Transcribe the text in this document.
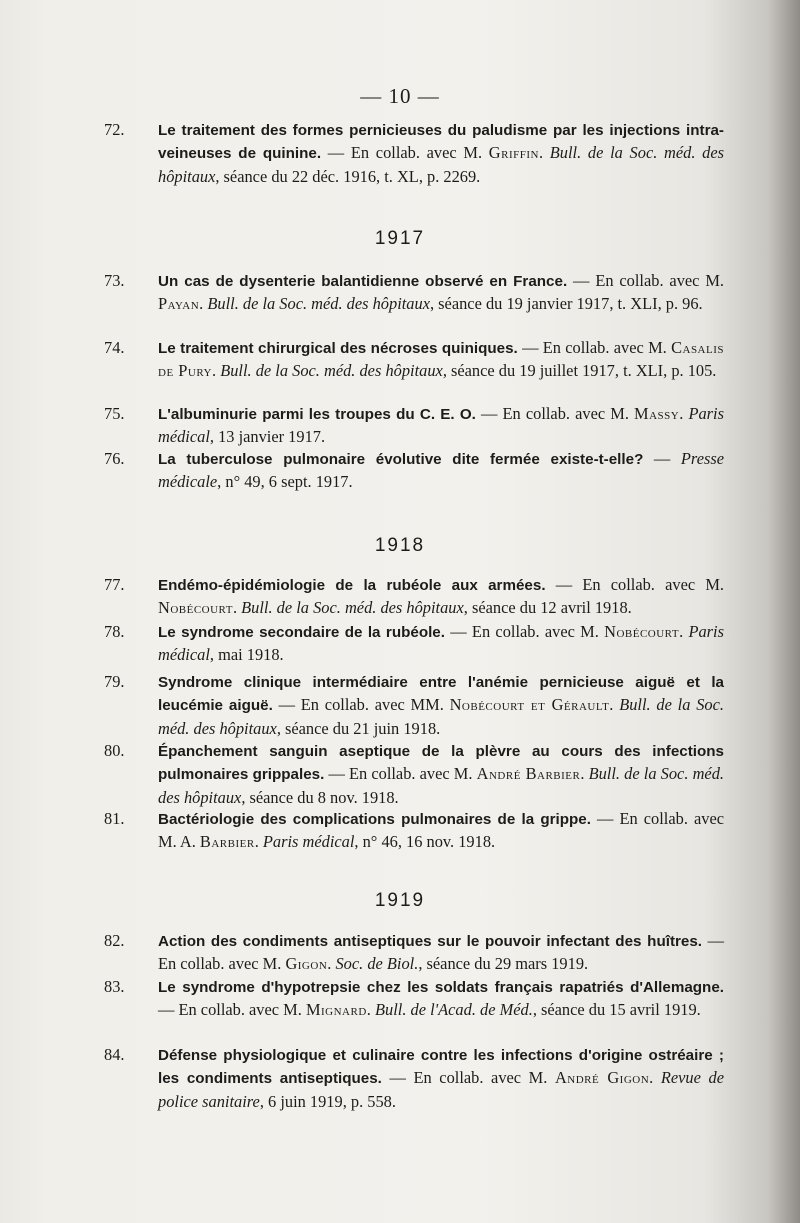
— 10 —
72.	Le traitement des formes pernicieuses du paludisme par les injections intra-veineuses de quinine. — En collab. avec M. Griffin. Bull. de la Soc. méd. des hôpitaux, séance du 22 déc. 1916, t. XL, p. 2269.
1917
73.	Un cas de dysenterie balantidienne observé en France. — En collab. avec M. Payan. Bull. de la Soc. méd. des hôpitaux, séance du 19 janvier 1917, t. XLI, p. 96.
74.	Le traitement chirurgical des nécroses quiniques. — En collab. avec M. Casalis de Pury. Bull. de la Soc. méd. des hôpitaux, séance du 19 juillet 1917, t. XLI, p. 105.
75.	L'albuminurie parmi les troupes du C. E. O. — En collab. avec M. Massy. Paris médical, 13 janvier 1917.
76.	La tuberculose pulmonaire évolutive dite fermée existe-t-elle? — Presse médicale, n° 49, 6 sept. 1917.
1918
77.	Endémo-épidémiologie de la rubéole aux armées. — En collab. avec M. Nobécourt. Bull. de la Soc. méd. des hôpitaux, séance du 12 avril 1918.
78.	Le syndrome secondaire de la rubéole. — En collab. avec M. Nobécourt. Paris médical, mai 1918.
79.	Syndrome clinique intermédiaire entre l'anémie pernicieuse aiguë et la leucémie aiguë. — En collab. avec MM. Nobécourt et Gérault. Bull. de la Soc. méd. des hôpitaux, séance du 21 juin 1918.
80.	Épanchement sanguin aseptique de la plèvre au cours des infections pulmonaires grippales. — En collab. avec M. André Barbier. Bull. de la Soc. méd. des hôpitaux, séance du 8 nov. 1918.
81.	Bactériologie des complications pulmonaires de la grippe. — En collab. avec M. A. Barbier. Paris médical, n° 46, 16 nov. 1918.
1919
82.	Action des condiments antiseptiques sur le pouvoir infectant des huîtres. — En collab. avec M. Gigon. Soc. de Biol., séance du 29 mars 1919.
83.	Le syndrome d'hypotrepsie chez les soldats français rapatriés d'Allemagne. — En collab. avec M. Mignard. Bull. de l'Acad. de Méd., séance du 15 avril 1919.
84.	Défense physiologique et culinaire contre les infections d'origine ostréaire ; les condiments antiseptiques. — En collab. avec M. André Gigon. Revue de police sanitaire, 6 juin 1919, p. 558.
